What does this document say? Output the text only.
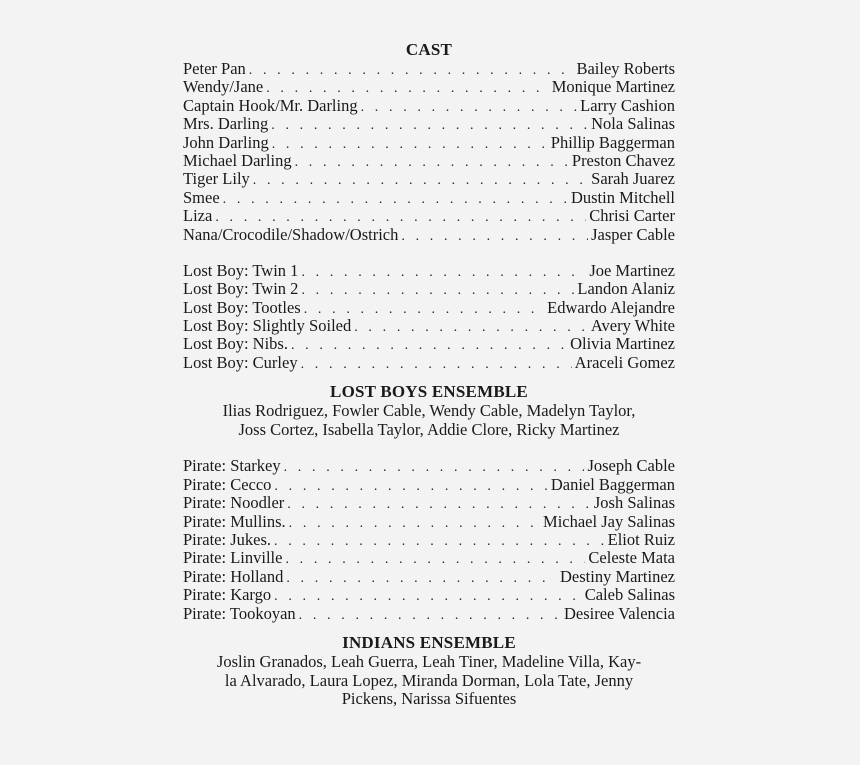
CAST
Peter Pan . . .	Bailey Roberts
Wendy/Jane . . .	Monique Martinez
Captain Hook/Mr. Darling . . .	Larry Cashion
Mrs. Darling . . .	Nola Salinas
John Darling . . .	Phillip Baggerman
Michael Darling . . .	Preston Chavez
Tiger Lily . . .	Sarah Juarez
Smee . . .	Dustin Mitchell
Liza . . .	Chrisi Carter
Nana/Crocodile/Shadow/Ostrich . . .	Jasper Cable
Lost Boy: Twin 1 . . .	Joe Martinez
Lost Boy: Twin 2 . . .	Landon Alaniz
Lost Boy: Tootles . . .	Edwardo Alejandre
Lost Boy: Slightly Soiled . . .	Avery White
Lost Boy: Nibs. . . .	Olivia Martinez
Lost Boy: Curley . . .	Araceli Gomez
LOST BOYS ENSEMBLE
Ilias Rodriguez, Fowler Cable, Wendy Cable, Madelyn Taylor,
Joss Cortez, Isabella Taylor, Addie Clore, Ricky Martinez
Pirate: Starkey . . .	Joseph Cable
Pirate: Cecco . . .	Daniel Baggerman
Pirate: Noodler . . .	Josh Salinas
Pirate: Mullins. . . .	Michael Jay Salinas
Pirate: Jukes. . . .	Eliot Ruiz
Pirate: Linville . . .	Celeste Mata
Pirate: Holland . . .	Destiny Martinez
Pirate: Kargo . . .	Caleb Salinas
Pirate: Tookoyan . . .	Desiree Valencia
INDIANS ENSEMBLE
Joslin Granados, Leah Guerra, Leah Tiner, Madeline Villa, Kay-
la Alvarado, Laura Lopez, Miranda Dorman, Lola Tate, Jenny
Pickens, Narissa Sifuentes
